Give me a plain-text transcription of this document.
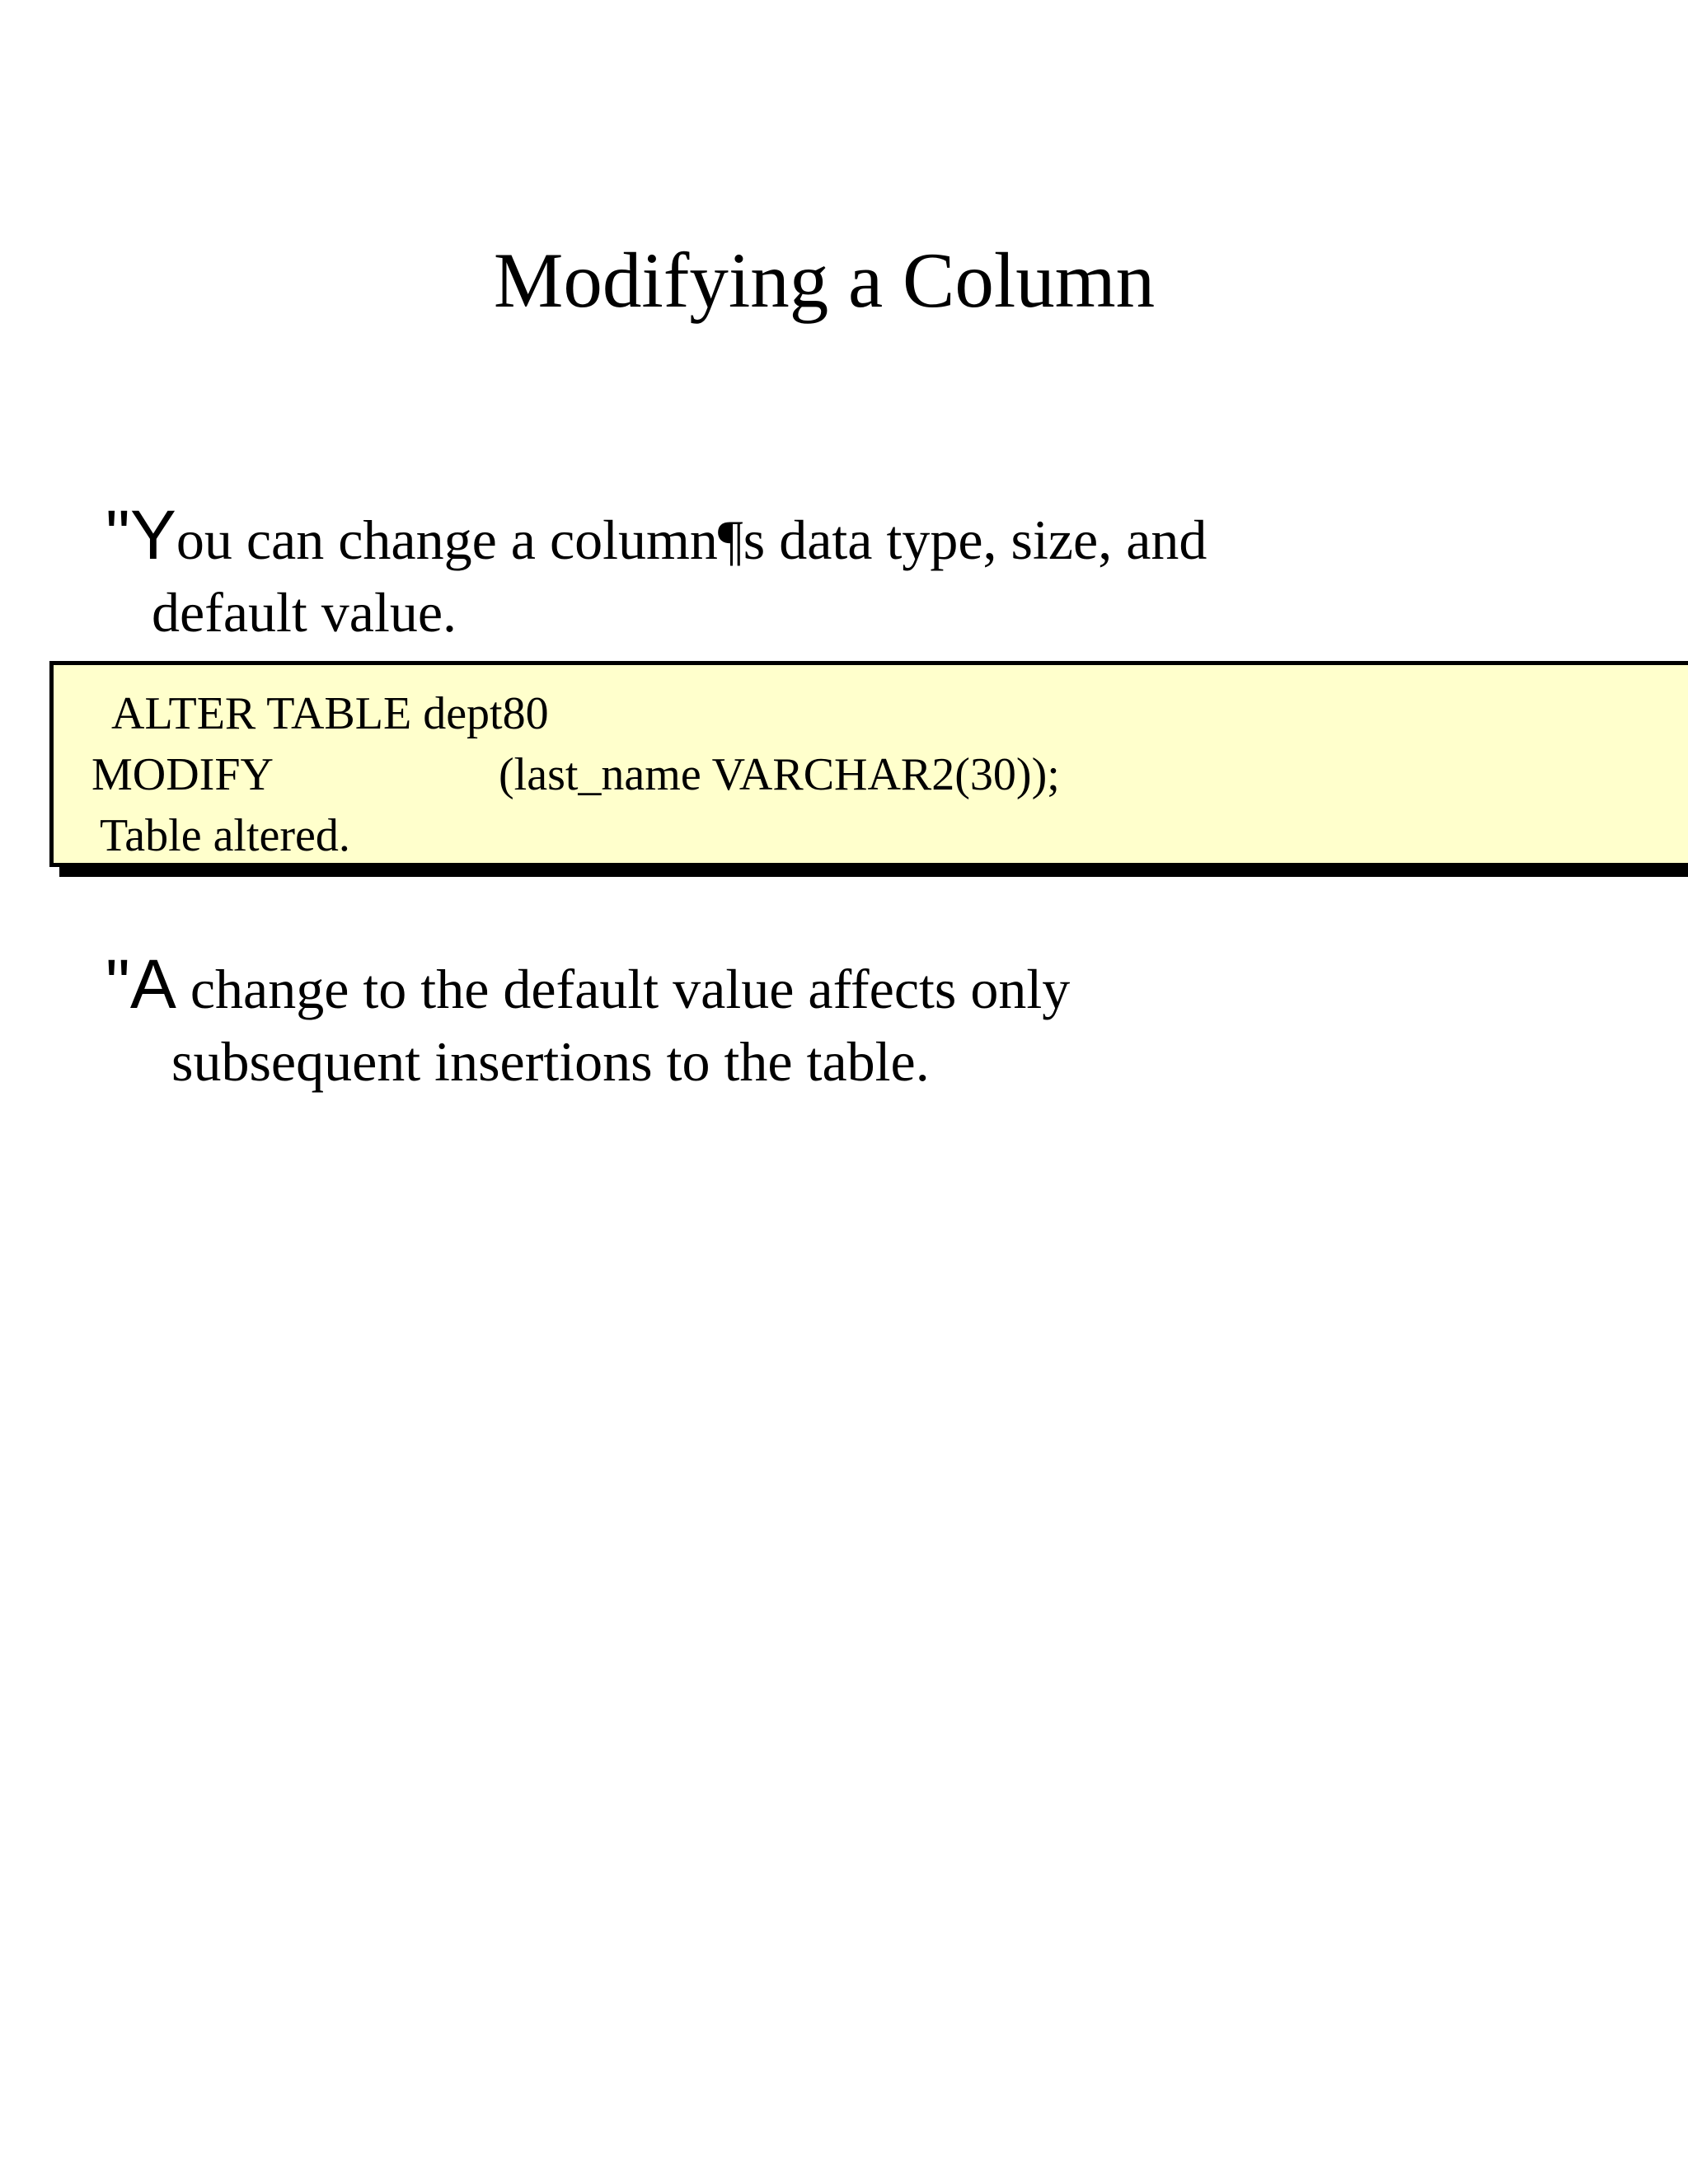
Modifying a Column
"You can change a column¶s data type, size, and
default value.
ALTER TABLE dept80
MODIFY	(last_name VARCHAR2(30));
Table altered.
"A change to the default value affects only
subsequent insertions to the table.
